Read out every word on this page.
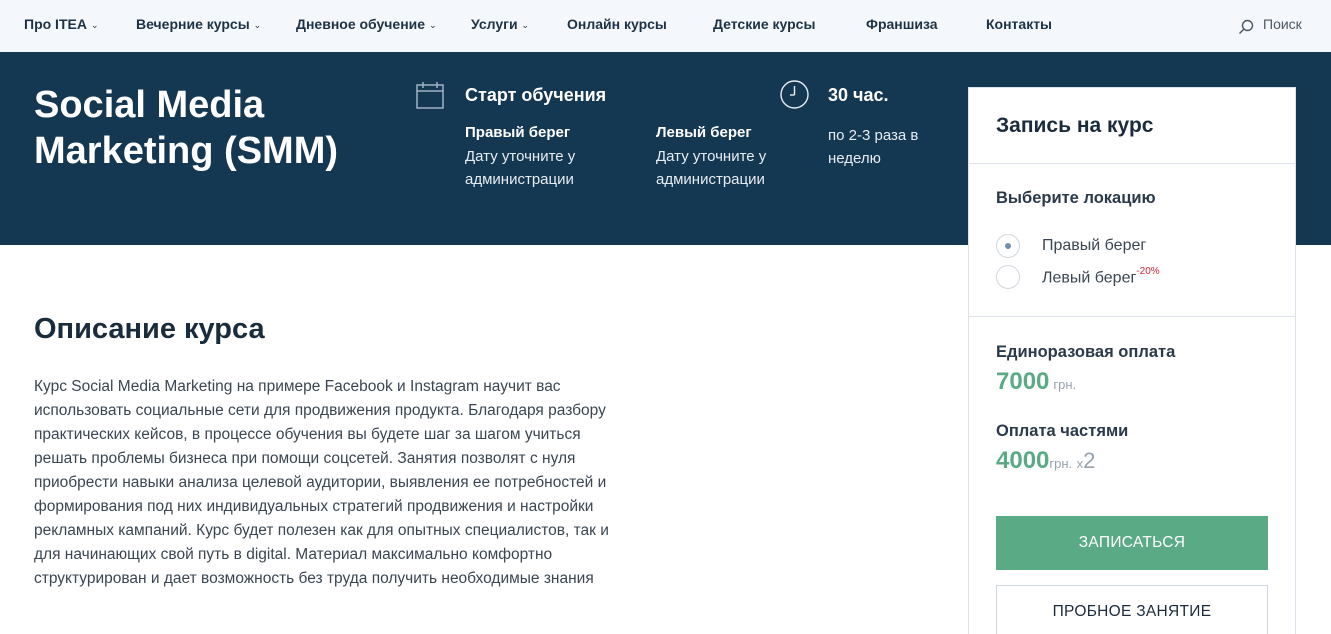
Про ITEA ⌄	Вечерние курсы ⌄ Дневное обучение ⌄ Услуги ⌄	Онлайн курсы	Детские курсы	Франшиза	Контакты	Поиск
Social Media Marketing (SMM)
Старт обучения
Правый берег
Дату уточните у администрации
Левый берег
Дату уточните у администрации
30 час.
по 2-3 раза в неделю
Описание курса
Курс Social Media Marketing на примере Facebook и Instagram научит вас использовать социальные сети для продвижения продукта. Благодаря разбору практических кейсов, в процессе обучения вы будете шаг за шагом учиться решать проблемы бизнеса при помощи соцсетей. Занятия позволят с нуля приобрести навыки анализа целевой аудитории, выявления ее потребностей и формирования под них индивидуальных стратегий продвижения и настройки рекламных кампаний. Курс будет полезен как для опытных специалистов, так и для начинающих свой путь в digital. Материал максимально комфортно структурирован и дает возможность без труда получить необходимые знания
Запись на курс
Выберите локацию
Правый берег
Левый берег$^{-20\%}$
Единоразовая оплата
7000 грн.
Оплата частями
4000грн. x2
ЗАПИСАТЬСЯ
ПРОБНОЕ ЗАНЯТИЕ
